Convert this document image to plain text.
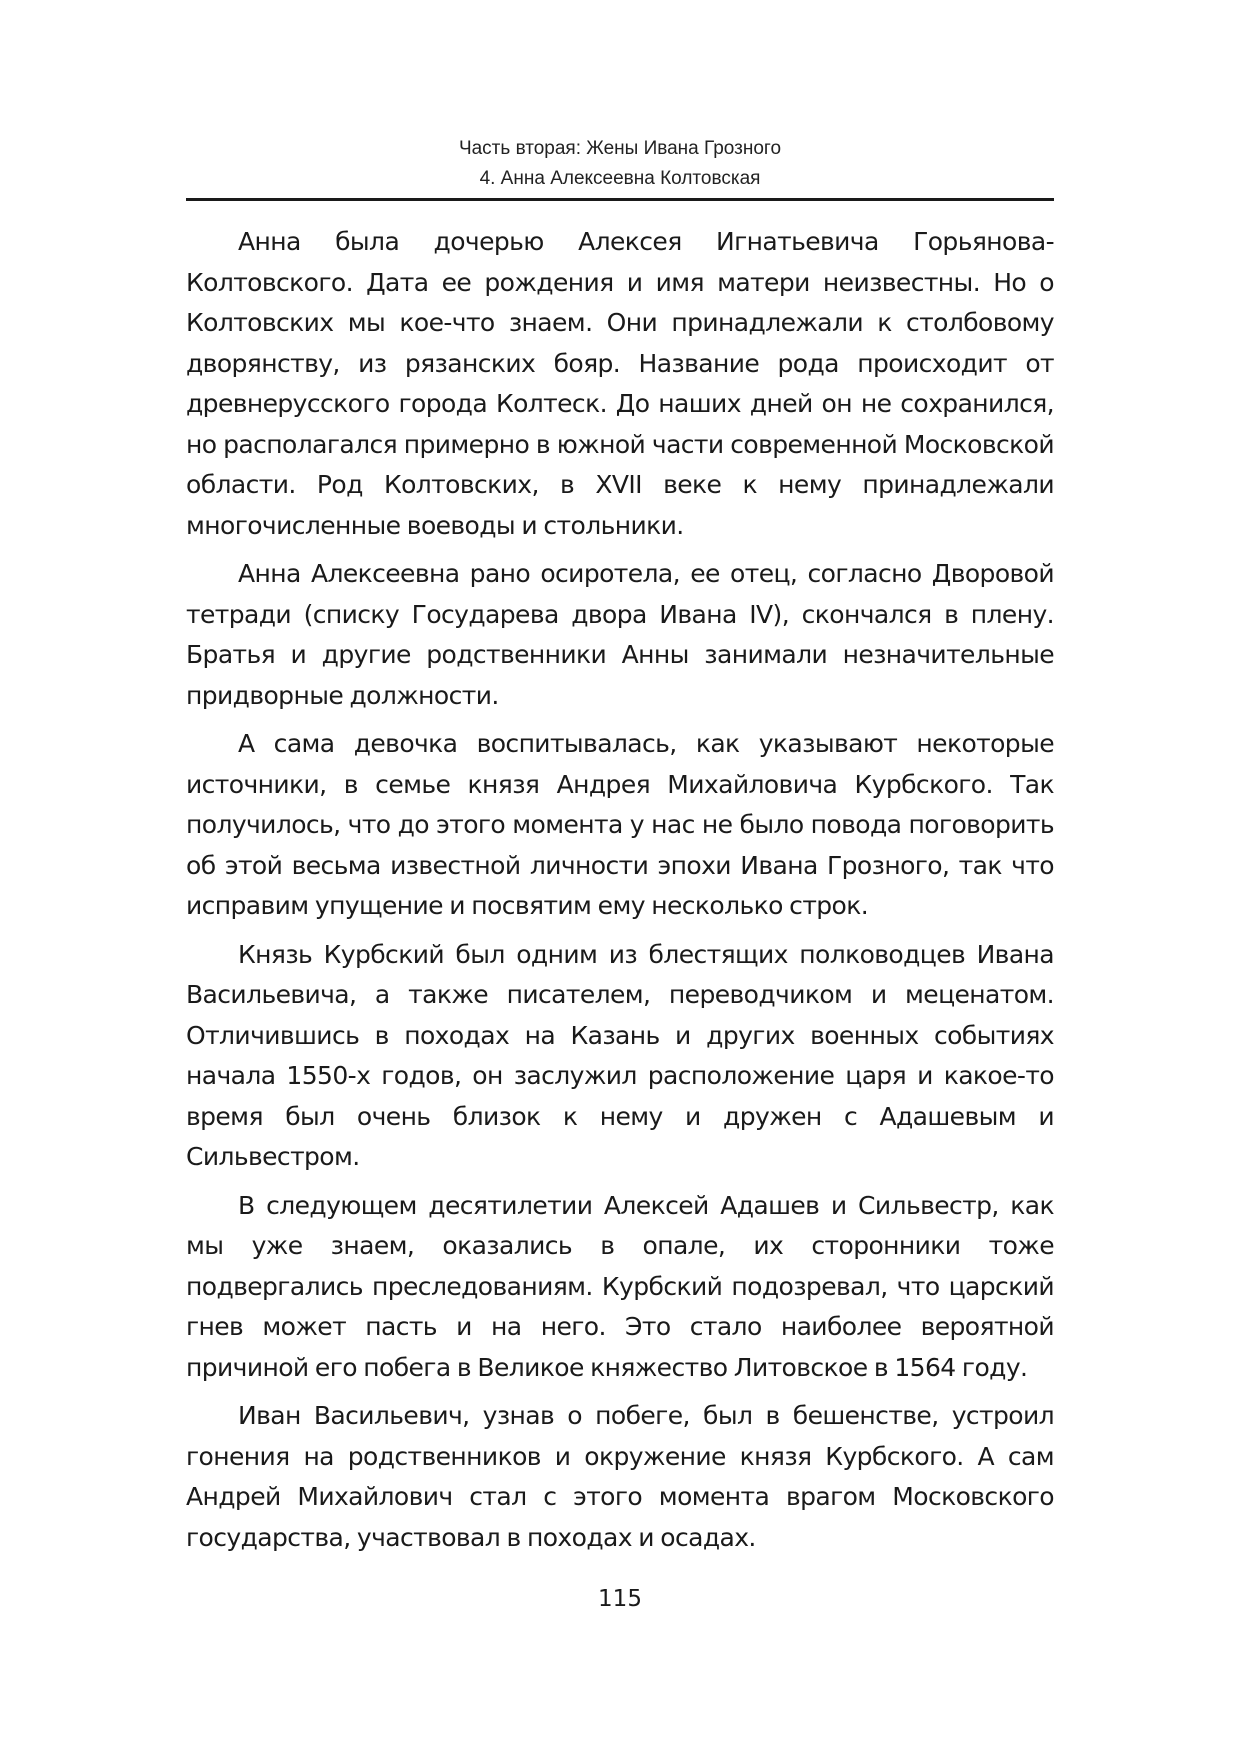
Часть вторая: Жены Ивана Грозного
4. Анна Алексеевна Колтовская

Анна была дочерью Алексея Игнатьевича Горьянова-Колтовского. Дата ее рождения и имя матери неизвестны. Но о Колтовских мы кое-что знаем. Они принадлежали к столбовому дворянству, из рязанских бояр. Название рода происходит от древнерусского города Колтеск. До наших дней он не сохранился, но располагался примерно в южной части современной Московской области. Род Колтовских, в XVII веке к нему принадлежали многочисленные воеводы и стольники.

Анна Алексеевна рано осиротела, ее отец, согласно Дворовой тетради (списку Государева двора Ивана IV), скончался в плену. Братья и другие родственники Анны занимали незначительные придворные должности.

А сама девочка воспитывалась, как указывают некоторые источники, в семье князя Андрея Михайловича Курбского. Так получилось, что до этого момента у нас не было повода поговорить об этой весьма известной личности эпохи Ивана Грозного, так что исправим упущение и посвятим ему несколько строк.

Князь Курбский был одним из блестящих полководцев Ивана Васильевича, а также писателем, переводчиком и меценатом. Отличившись в походах на Казань и других военных событиях начала 1550-х годов, он заслужил расположение царя и какое-то время был очень близок к нему и дружен с Адашевым и Сильвестром.

В следующем десятилетии Алексей Адашев и Сильвестр, как мы уже знаем, оказались в опале, их сторонники тоже подвергались преследованиям. Курбский подозревал, что царский гнев может пасть и на него. Это стало наиболее вероятной причиной его побега в Великое княжество Литовское в 1564 году.

Иван Васильевич, узнав о побеге, был в бешенстве, устроил гонения на родственников и окружение князя Курбского. А сам Андрей Михайлович стал с этого момента врагом Московского государства, участвовал в походах и осадах.

115
